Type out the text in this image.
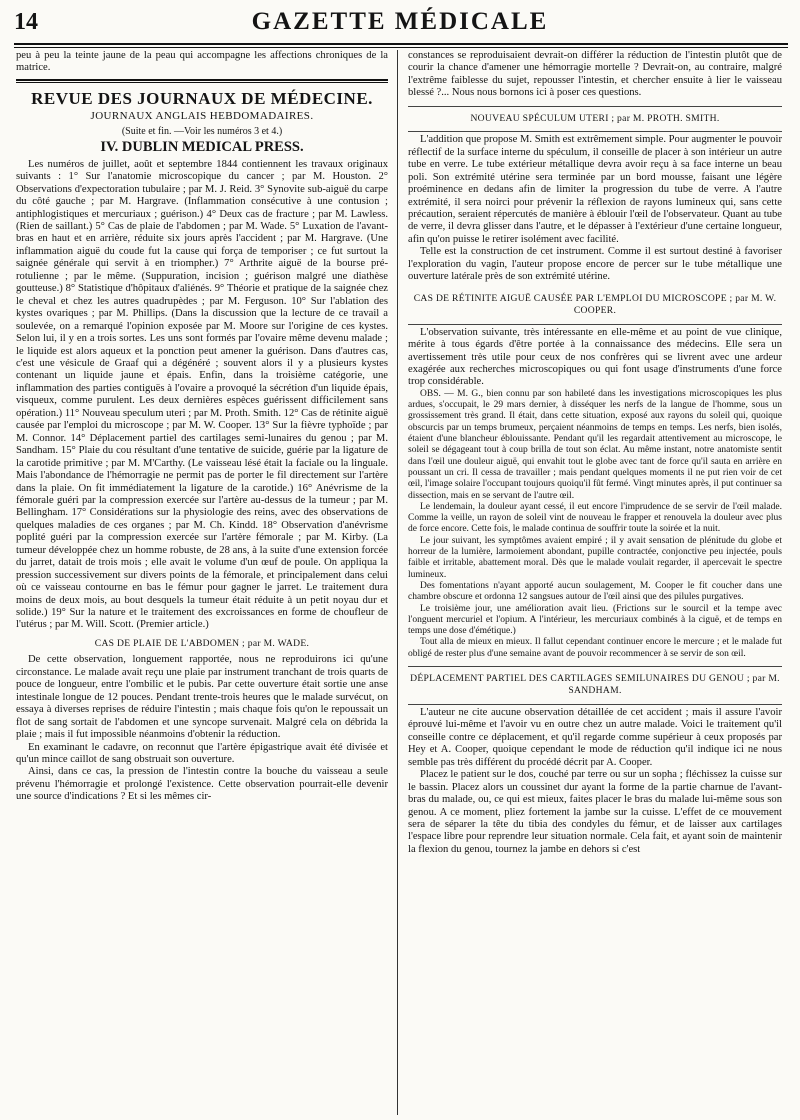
14	GAZETTE MÉDICALE

peu à peu la teinte jaune de la peau qui accompagne les affections chroniques de la matrice.

REVUE DES JOURNAUX DE MÉDECINE.
JOURNAUX ANGLAIS HEBDOMADAIRES.
(Suite et fin. —Voir les numéros 3 et 4.)
IV. DUBLIN MEDICAL PRESS.

Les numéros de juillet, août et septembre 1844 contiennent les travaux originaux suivants : 1° Sur l'anatomie microscopique du cancer ; par M. Houston. 2° Observations d'expectoration tubulaire ; par M. J. Reid. 3° Synovite sub-aiguë du carpe du côté gauche ; par M. Hargrave. (Inflammation consécutive à une contusion ; antiphlogistiques et mercuriaux ; guérison.) 4° Deux cas de fracture ; par M. Lawless. (Rien de saillant.) 5° Cas de plaie de l'abdomen ; par M. Wade. 5° Luxation de l'avant-bras en haut et en arrière, réduite six jours après l'accident ; par M. Hargrave. (Une inflammation aiguë du coude fut la cause qui força de temporiser ; ce fut surtout la saignée générale qui servit à en triompher.) 7° Arthrite aiguë de la bourse pré-rotulienne ; par le même. (Suppuration, incision ; guérison malgré une diathèse goutteuse.) 8° Statistique d'hôpitaux d'aliénés. 9° Théorie et pratique de la saignée chez le cheval et chez les autres quadrupèdes ; par M. Ferguson. 10° Sur l'ablation des kystes ovariques ; par M. Phillips. (Dans la discussion que la lecture de ce travail a soulevée, on a remarqué l'opinion exposée par M. Moore sur l'origine de ces kystes. Selon lui, il y en a trois sortes. Les uns sont formés par l'ovaire même devenu malade ; le liquide est alors aqueux et la ponction peut amener la guérison. Dans d'autres cas, c'est une vésicule de Graaf qui a dégénéré ; souvent alors il y a plusieurs kystes contenant un liquide jaune et épais. Enfin, dans la troisième catégorie, une inflammation des parties contiguës à l'ovaire a provoqué la sécrétion d'un liquide épais, visqueux, comme purulent. Les deux dernières espèces guérissent difficilement sans opération.) 11° Nouveau speculum uteri ; par M. Proth. Smith. 12° Cas de rétinite aiguë causée par l'emploi du microscope ; par M. W. Cooper. 13° Sur la fièvre typhoïde ; par M. Connor. 14° Déplacement partiel des cartilages semi-lunaires du genou ; par M. Sandham. 15° Plaie du cou résultant d'une tentative de suicide, guérie par la ligature de la carotide primitive ; par M. M'Carthy. (Le vaisseau lésé était la faciale ou la linguale. Mais l'abondance de l'hémorragie ne permit pas de porter le fil directement sur l'artère dans la plaie. On fit immédiatement la ligature de la carotide.) 16° Anévrisme de la fémorale guéri par la compression exercée sur l'artère au-dessus de la tumeur ; par M. Bellingham. 17° Considérations sur la physiologie des reins, avec des observations de quelques maladies de ces organes ; par M. Ch. Kindd. 18° Observation d'anévrisme poplité guéri par la compression exercée sur l'artère fémorale ; par M. Kirby. (La tumeur développée chez un homme robuste, de 28 ans, à la suite d'une extension forcée du jarret, datait de trois mois ; elle avait le volume d'un œuf de poule. On appliqua la pression successivement sur divers points de la fémorale, et principalement dans celui où ce vaisseau contourne en bas le fémur pour gagner le jarret. Le traitement dura moins de deux mois, au bout desquels la tumeur était réduite à un petit noyau dur et solide.) 19° Sur la nature et le traitement des excroissances en forme de choufleur de l'utérus ; par M. Will. Scott. (Premier article.)

CAS DE PLAIE DE L'ABDOMEN ; par M. WADE.

De cette observation, longuement rapportée, nous ne reproduirons ici qu'une circonstance. Le malade avait reçu une plaie par instrument tranchant de trois quarts de pouce de longueur, entre l'ombilic et le pubis. Par cette ouverture était sortie une anse intestinale longue de 12 pouces. Pendant trente-trois heures que le malade survécut, on essaya à diverses reprises de réduire l'intestin ; mais chaque fois qu'on le repoussait un flot de sang sortait de l'abdomen et une syncope survenait. Malgré cela on débrida la plaie ; mais il fut impossible néanmoins d'obtenir la réduction.

En examinant le cadavre, on reconnut que l'artère épigastrique avait été divisée et qu'un mince caillot de sang obstruait son ouverture.

Ainsi, dans ce cas, la pression de l'intestin contre la bouche du vaisseau a seule prévenu l'hémorragie et prolongé l'existence. Cette observation pourrait-elle devenir une source d'indications ? Et si les mêmes cir-

constances se reproduisaient devrait-on différer la réduction de l'intestin plutôt que de courir la chance d'amener une hémorragie mortelle ? Devrait-on, au contraire, malgré l'extrême faiblesse du sujet, repousser l'intestin, et chercher ensuite à lier le vaisseau blessé ?... Nous nous bornons ici à poser ces questions.

NOUVEAU SPÉCULUM UTERI ; par M. PROTH. SMITH.

L'addition que propose M. Smith est extrêmement simple. Pour augmenter le pouvoir réflectif de la surface interne du spéculum, il conseille de placer à son intérieur un autre tube en verre. Le tube extérieur métallique devra avoir reçu à sa face interne un beau poli. Son extrémité utérine sera terminée par un bord mousse, faisant une légère proéminence en dedans afin de limiter la progression du tube de verre. A l'autre extrémité, il sera noirci pour prévenir la réflexion de rayons lumineux qui, sans cette précaution, seraient répercutés de manière à éblouir l'œil de l'observateur. Quant au tube de verre, il devra glisser dans l'autre, et le dépasser à l'extérieur d'une certaine longueur, afin qu'on puisse le retirer isolément avec facilité.

Telle est la construction de cet instrument. Comme il est surtout destiné à favoriser l'exploration du vagin, l'auteur propose encore de percer sur le tube métallique une ouverture latérale près de son extrémité utérine.

CAS DE RÉTINITE AIGUË CAUSÉE PAR L'EMPLOI DU MICROSCOPE ; par M. W. COOPER.

L'observation suivante, très intéressante en elle-même et au point de vue clinique, mérite à tous égards d'être portée à la connaissance des médecins. Elle sera un avertissement très utile pour ceux de nos confrères qui se livrent avec une ardeur exagérée aux recherches microscopiques ou qui font usage d'instruments d'une force trop considérable.

OBS. — M. G., bien connu par son habileté dans les investigations microscopiques les plus ardues, s'occupait, le 29 mars dernier, à disséquer les nerfs de la langue de l'homme, sous un grossissement très grand. Il était, dans cette situation, exposé aux rayons du soleil qui, quoique obscurcis par un temps brumeux, perçaient néanmoins de temps en temps. Les nerfs, bien isolés, étaient d'une blancheur éblouissante. Pendant qu'il les regardait attentivement au microscope, le soleil se dégageant tout à coup brilla de tout son éclat. Au même instant, notre anatomiste sentit dans l'œil une douleur aiguë, qui envahit tout le globe avec tant de force qu'il sauta en arrière en poussant un cri. Il cessa de travailler ; mais pendant quelques moments il ne put rien voir de cet œil, l'image solaire l'occupant toujours quoiqu'il fût fermé. Vingt minutes après, il put continuer sa dissection, mais en se servant de l'autre œil.

Le lendemain, la douleur ayant cessé, il eut encore l'imprudence de se servir de l'œil malade. Comme la veille, un rayon de soleil vint de nouveau le frapper et renouvela la douleur avec plus de force encore. Cette fois, le malade continua de souffrir toute la soirée et la nuit.

Le jour suivant, les symptômes avaient empiré ; il y avait sensation de plénitude du globe et horreur de la lumière, larmoiement abondant, pupille contractée, conjonctive peu injectée, pouls faible et irritable, abattement moral. Dès que le malade voulait regarder, il apercevait le spectre lumineux.

Des fomentations n'ayant apporté aucun soulagement, M. Cooper le fit coucher dans une chambre obscure et ordonna 12 sangsues autour de l'œil ainsi que des pilules purgatives.

Le troisième jour, une amélioration avait lieu. (Frictions sur le sourcil et la tempe avec l'onguent mercuriel et l'opium. A l'intérieur, les mercuriaux combinés à la ciguë, et de temps en temps une dose d'émétique.)

Tout alla de mieux en mieux. Il fallut cependant continuer encore le mercure ; et le malade fut obligé de rester plus d'une semaine avant de pouvoir recommencer à se servir de son œil.

DÉPLACEMENT PARTIEL DES CARTILAGES SEMILUNAIRES DU GENOU ; par M. SANDHAM.

L'auteur ne cite aucune observation détaillée de cet accident ; mais il assure l'avoir éprouvé lui-même et l'avoir vu en outre chez un autre malade. Voici le traitement qu'il conseille contre ce déplacement, et qu'il regarde comme supérieur à ceux proposés par Hey et A. Cooper, quoique cependant le mode de réduction qu'il indique ici ne nous semble pas très différent du procédé décrit par A. Cooper.

Placez le patient sur le dos, couché par terre ou sur un sopha ; fléchissez la cuisse sur le bassin. Placez alors un coussinet dur ayant la forme de la partie charnue de l'avant-bras du malade, ou, ce qui est mieux, faites placer le bras du malade lui-même sous son genou. A ce moment, pliez fortement la jambe sur la cuisse. L'effet de ce mouvement sera de séparer la tête du tibia des condyles du fémur, et de laisser aux cartilages l'espace libre pour reprendre leur situation normale. Cela fait, et ayant soin de maintenir la flexion du genou, tournez la jambe en dehors si c'est
